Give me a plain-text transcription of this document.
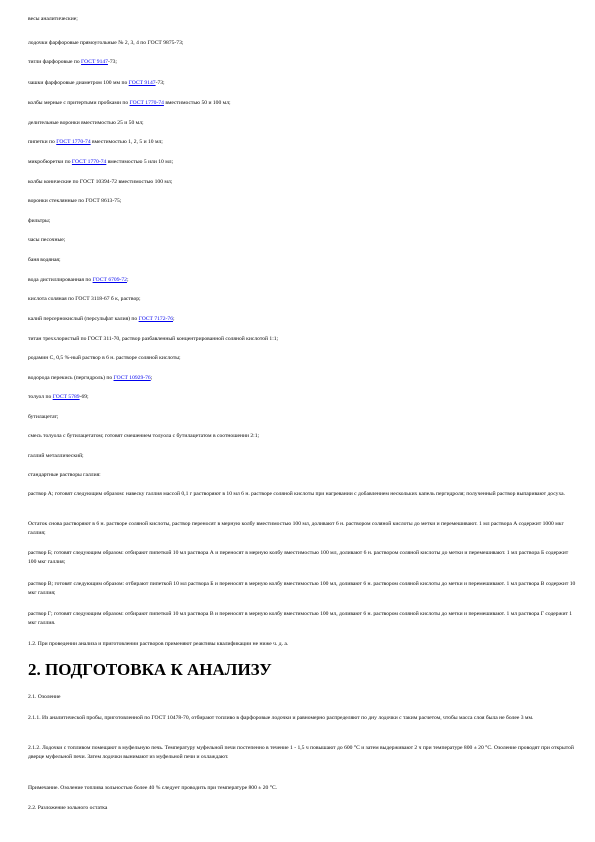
весы аналитические;
лодочки фарфоровые прямоугольные № 2, 3, 4 по ГОСТ 9875-73;
тигли фарфоровые по ГОСТ 9147-73;
чашки фарфоровые диаметром 100 мм по ГОСТ 9147-73;
колбы мерные с притертыми пробками по ГОСТ 1770-74 вместимостью 50 и 100 мл;
делительные воронки вместимостью 25 и 50 мл;
пипетки по ГОСТ 1770-74 вместимостью 1, 2, 5 и 10 мл;
микробюретки по ГОСТ 1770-74 вместимостью 5 или 10 мл;
колбы конические по ГОСТ 10394-72 вместимостью 100 мл;
воронки стеклянные по ГОСТ 8613-75;
фильтры;
часы песочные;
баня водяная;
вода дистиллированная по ГОСТ 6709-72;
кислота соляная по ГОСТ 3118-67 б к, раствор;
калий персернокислый (персульфат калия) по ГОСТ 7172-76;
титан треххлористый по ГОСТ 311-70, раствор разбавленный концентрированной соляной кислотой 1:1;
родамин С, 0,5 %-ный раствор в 6 н. растворе соляной кислоты;
водорода перекись (пергидроль) по ГОСТ 10929-76;
толуол по ГОСТ 5789-69;
бутилацетат;
смесь толуола с бутилацетатом; готовят смешением толуола с бутилацетатом в соотношении 2:1;
галлий металлический;
стандартные растворы галлия:
раствор А; готовят следующим образом: навеску галлия массой 0,1 г растворяют в 10 мл 6 н. растворе соляной кислоты при нагревании с добавлением нескольких капель пергидроля; полученный раствор выпаривают досуха.
Остаток снова растворяют в 6 н. растворе соляной кислоты, раствор переносят в мерную колбу вместимостью 100 мл, доливают 6 н. раствором соляной кислоты до метки и перемешивают. 1 мл раствора А содержит 1000 мкг галлия;
раствор Б; готовят следующим образом: отбирают пипеткой 10 мл раствора А и переносят в мерную колбу вместимостью 100 мл, доливают 6 н. раствором соляной кислоты до метки и перемешивают. 1 мл раствора Б содержит 100 мкг галлия;
раствор В; готовят следующим образом: отбирают пипеткой 10 мл раствора Б и переносят в мерную колбу вместимостью 100 мл, доливают 6 н. раствором соляной кислоты до метки и перемешивают. 1 мл раствора В содержит 10 мкг галлия;
раствор Г; готовят следующим образом: отбирают пипеткой 10 мл раствора В и переносят в мерную колбу вместимостью 100 мл, доливают 6 н. раствором соляной кислоты до метки и перемешивают. 1 мл раствора Г содержит 1 мкг галлия.
1.2. При проведении анализа и приготовлении растворов применяют реактивы квалификации не ниже ч. д. а.
2. ПОДГОТОВКА К АНАЛИЗУ
2.1. Озоление
2.1.1. Из аналитической пробы, приготовленной по ГОСТ 10478-70, отбирают топливо в фарфоровые лодочки и равномерно распределяют по дну лодочки с таким расчетом, чтобы масса слоя была не более 3 мм.
2.1.2. Лодочки с топливом помещают в муфельную печь. Температуру муфельной печи постепенно в течение 1 - 1,5 ч повышают до 600 °С и затем выдерживают 2 ч при температуре 800 ± 20 °С. Озоление проводят при открытой дверце муфельной печи. Затем лодочки вынимают из муфельной печи и охлаждают.
Примечание. Озоление топлива зольностью более 40 % следует проводить при температуре 800 ± 20 °С.
2.2. Разложение зольного остатка
